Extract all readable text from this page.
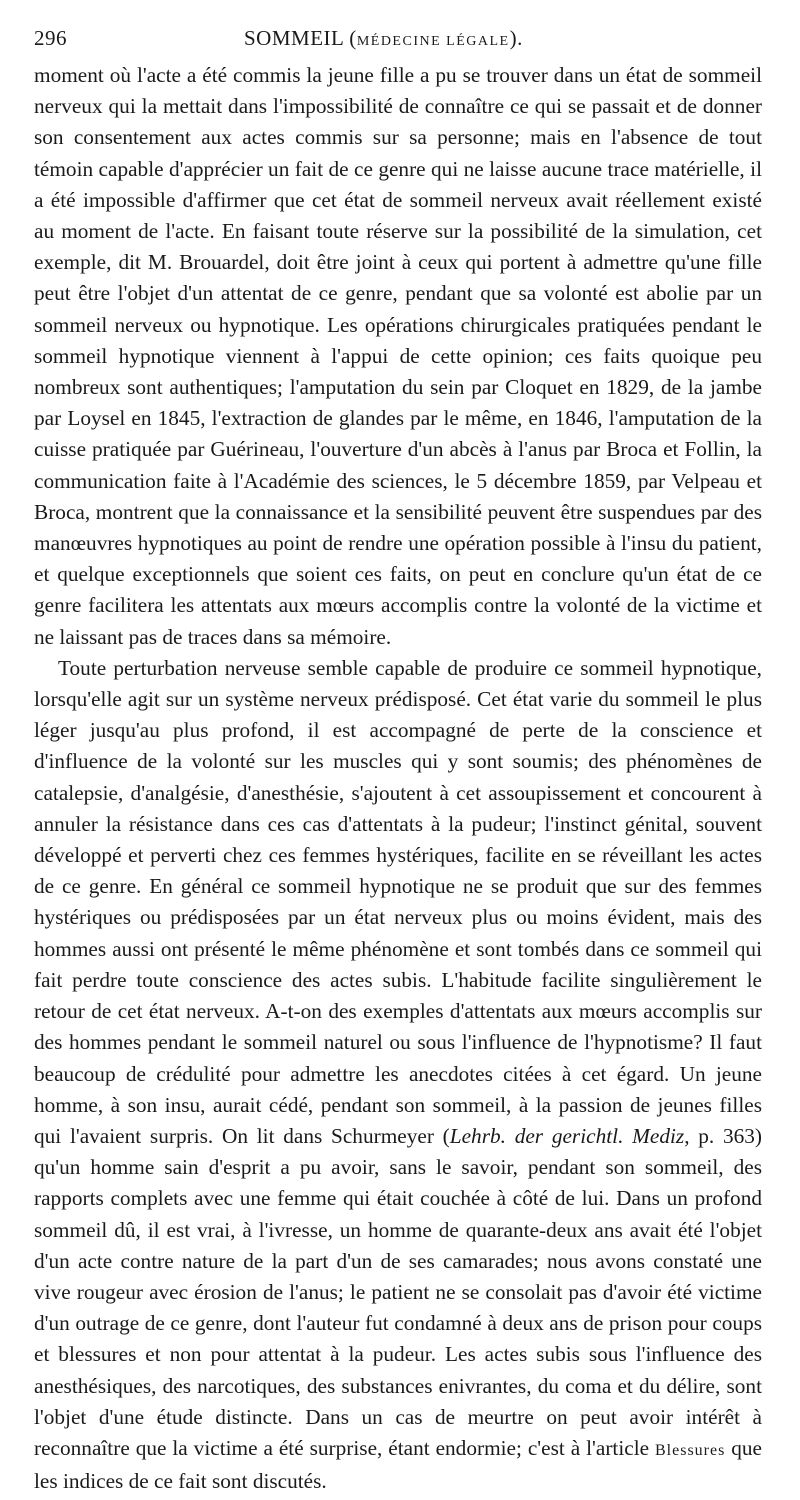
296	SOMMEIL (MÉDECINE LÉGALE).

moment où l'acte a été commis la jeune fille a pu se trouver dans un état de sommeil nerveux qui la mettait dans l'impossibilité de connaître ce qui se passait et de donner son consentement aux actes commis sur sa personne; mais en l'absence de tout témoin capable d'apprécier un fait de ce genre qui ne laisse aucune trace matérielle, il a été impossible d'affirmer que cet état de sommeil nerveux avait réellement existé au moment de l'acte. En faisant toute réserve sur la possibilité de la simulation, cet exemple, dit M. Brouardel, doit être joint à ceux qui portent à admettre qu'une fille peut être l'objet d'un attentat de ce genre, pendant que sa volonté est abolie par un sommeil nerveux ou hypnotique. Les opérations chirurgicales pratiquées pendant le sommeil hypnotique viennent à l'appui de cette opinion; ces faits quoique peu nombreux sont authentiques; l'amputation du sein par Cloquet en 1829, de la jambe par Loysel en 1845, l'extraction de glandes par le même, en 1846, l'amputation de la cuisse pratiquée par Guérineau, l'ouverture d'un abcès à l'anus par Broca et Follin, la communication faite à l'Académie des sciences, le 5 décembre 1859, par Velpeau et Broca, montrent que la connaissance et la sensibilité peuvent être suspendues par des manœuvres hypnotiques au point de rendre une opération possible à l'insu du patient, et quelque exceptionnels que soient ces faits, on peut en conclure qu'un état de ce genre facilitera les attentats aux mœurs accomplis contre la volonté de la victime et ne laissant pas de traces dans sa mémoire.

Toute perturbation nerveuse semble capable de produire ce sommeil hypnotique, lorsqu'elle agit sur un système nerveux prédisposé. Cet état varie du sommeil le plus léger jusqu'au plus profond, il est accompagné de perte de la conscience et d'influence de la volonté sur les muscles qui y sont soumis; des phénomènes de catalepsie, d'analgésie, d'anesthésie, s'ajoutent à cet assoupissement et concourent à annuler la résistance dans ces cas d'attentats à la pudeur; l'instinct génital, souvent développé et perverti chez ces femmes hystériques, facilite en se réveillant les actes de ce genre. En général ce sommeil hypnotique ne se produit que sur des femmes hystériques ou prédisposées par un état nerveux plus ou moins évident, mais des hommes aussi ont présenté le même phénomène et sont tombés dans ce sommeil qui fait perdre toute conscience des actes subis. L'habitude facilite singulièrement le retour de cet état nerveux. A-t-on des exemples d'attentats aux mœurs accomplis sur des hommes pendant le sommeil naturel ou sous l'influence de l'hypnotisme? Il faut beaucoup de crédulité pour admettre les anecdotes citées à cet égard. Un jeune homme, à son insu, aurait cédé, pendant son sommeil, à la passion de jeunes filles qui l'avaient surpris. On lit dans Schurmeyer (Lehrb. der gerichtl. Mediz, p. 363) qu'un homme sain d'esprit a pu avoir, sans le savoir, pendant son sommeil, des rapports complets avec une femme qui était couchée à côté de lui. Dans un profond sommeil dû, il est vrai, à l'ivresse, un homme de quarante-deux ans avait été l'objet d'un acte contre nature de la part d'un de ses camarades; nous avons constaté une vive rougeur avec érosion de l'anus; le patient ne se consolait pas d'avoir été victime d'un outrage de ce genre, dont l'auteur fut condamné à deux ans de prison pour coups et blessures et non pour attentat à la pudeur. Les actes subis sous l'influence des anesthésiques, des narcotiques, des substances enivrantes, du coma et du délire, sont l'objet d'une étude distincte. Dans un cas de meurtre on peut avoir intérêt à reconnaître que la victime a été surprise, étant endormie; c'est à l'article Blessures que les indices de ce fait sont discutés.
